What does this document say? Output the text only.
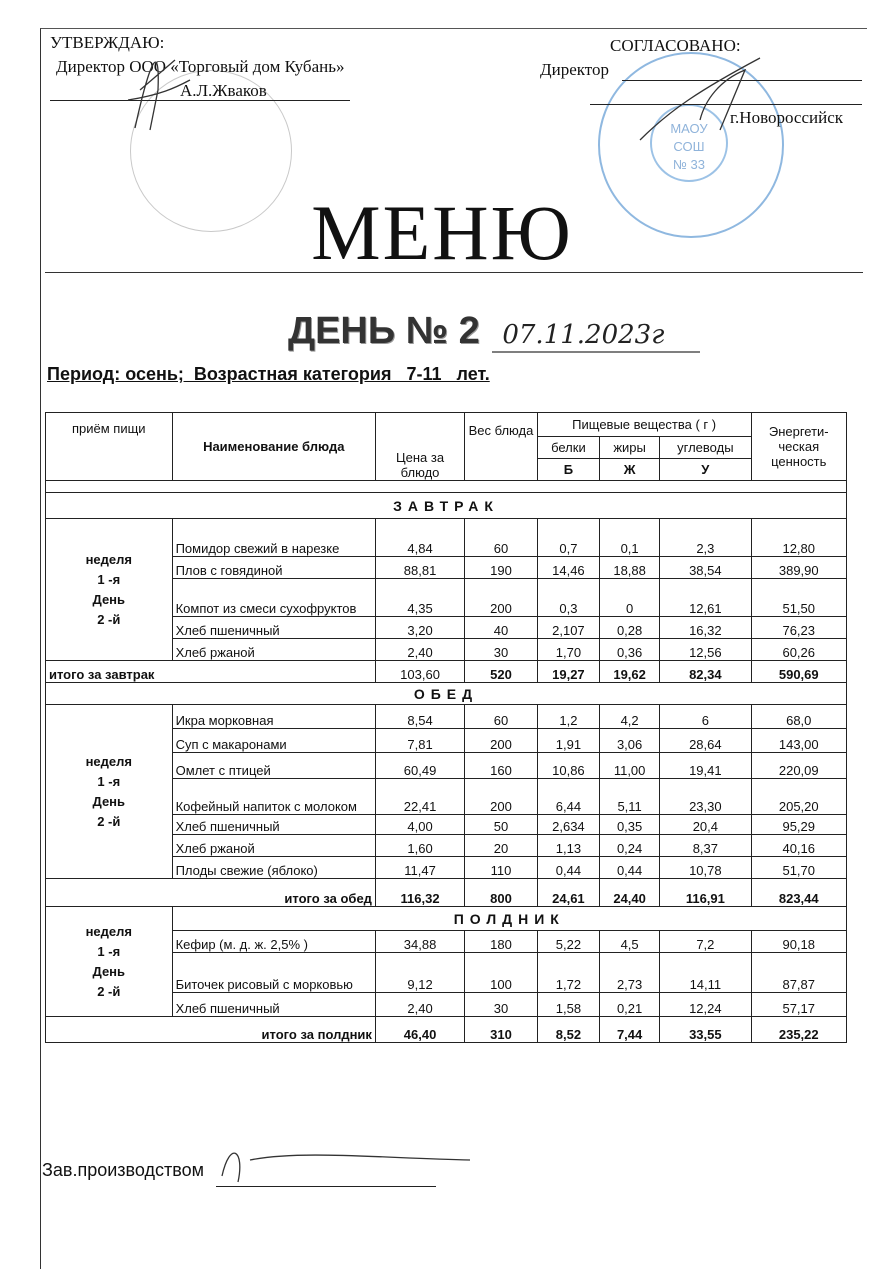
УТВЕРЖДАЮ:
Директор ООО «Торговый дом Кубань»
А.Л.Жваков
МАОУ
СОШ
№ 33
СОГЛАСОВАНО:
Директор
г.Новороссийск
МЕНЮ
ДЕНЬ № 2 07.11.2023г
Период: осень;  Возрастная категория   7-11   лет.
приём пищи	Наименование блюда	Цена за блюдо	Вес блюда	Пищевые вещества ( г )			Энергети-ческая ценность
				белки	жиры	углеводы	
				Б	Ж	У	

ЗАВТРАК							

неделя
1 -я
День
2 -й	Помидор свежий в нарезке	4,84	60	0,7	0,1	2,3	12,80
	Плов с говядиной	88,81	190	14,46	18,88	38,54	389,90
	Компот из смеси сухофруктов	4,35	200	0,3	0	12,61	51,50
	Хлеб пшеничный	3,20	40	2,107	0,28	16,32	76,23
	Хлеб ржаной	2,40	30	1,70	0,36	12,56	60,26
итого за завтрак		103,60	520	19,27	19,62	82,34	590,69
ОБЕД							

неделя
1 -я
День
2 -й	Икра морковная	8,54	60	1,2	4,2	6	68,0
	Суп с макаронами	7,81	200	1,91	3,06	28,64	143,00
	Омлет с птицей	60,49	160	10,86	11,00	19,41	220,09
	Кофейный напиток с молоком	22,41	200	6,44	5,11	23,30	205,20
	Хлеб пшеничный	4,00	50	2,634	0,35	20,4	95,29
	Хлеб ржаной	1,60	20	1,13	0,24	8,37	40,16
	Плоды свежие (яблоко)	11,47	110	0,44	0,44	10,78	51,70
итого за обед		116,32	800	24,61	24,40	116,91	823,44

неделя
1 -я
День
2 -й	ПОЛДНИК						
	Кефир (м. д. ж. 2,5% )	34,88	180	5,22	4,5	7,2	90,18
	Биточек рисовый с морковью	9,12	100	1,72	2,73	14,11	87,87
	Хлеб пшеничный	2,40	30	1,58	0,21	12,24	57,17
итого за полдник		46,40	310	8,52	7,44	33,55	235,22
Зав.производством
